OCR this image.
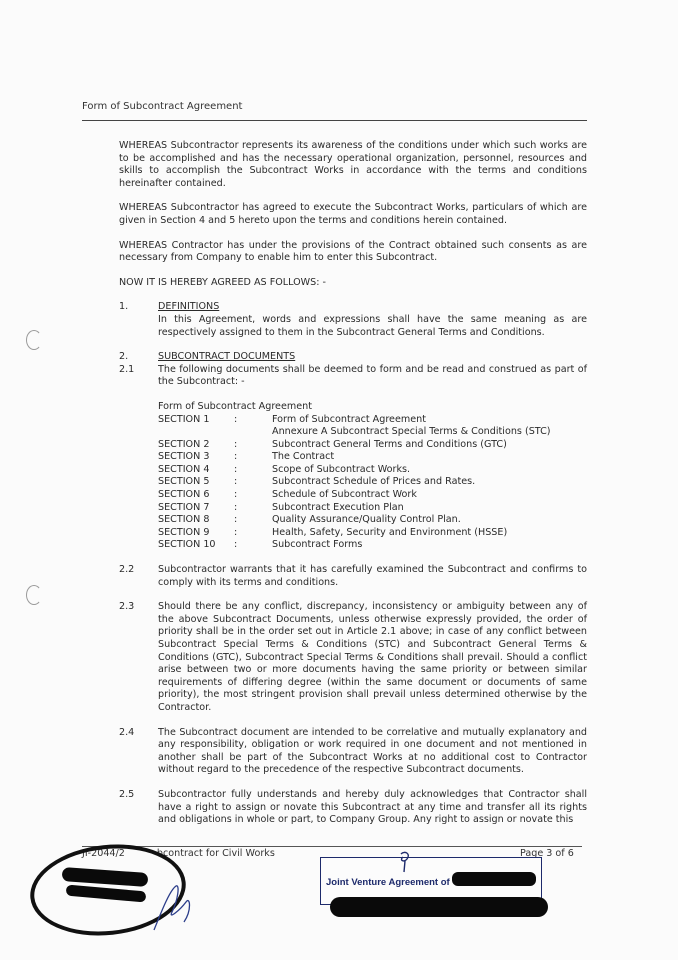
Form of Subcontract Agreement

WHEREAS Subcontractor represents its awareness of the conditions under which such works are to be accomplished and has the necessary operational organization, personnel, resources and skills to accomplish the Subcontract Works in accordance with the terms and conditions hereinafter contained.

WHEREAS Subcontractor has agreed to execute the Subcontract Works, particulars of which are given in Section 4 and 5 hereto upon the terms and conditions herein contained.

WHEREAS Contractor has under the provisions of the Contract obtained such consents as are necessary from Company to enable him to enter this Subcontract.

NOW IT IS HEREBY AGREED AS FOLLOWS: -

1.	DEFINITIONS

In this Agreement, words and expressions shall have the same meaning as are respectively assigned to them in the Subcontract General Terms and Conditions.

2.	SUBCONTRACT DOCUMENTS
2.1	The following documents shall be deemed to form and be read and construed as part of the Subcontract: -

Form of Subcontract Agreement
SECTION 1	:	Form of Subcontract Agreement
Annexure A Subcontract Special Terms & Conditions (STC)
SECTION 2	:	Subcontract General Terms and Conditions (GTC)
SECTION 3	:	The Contract
SECTION 4	:	Scope of Subcontract Works.
SECTION 5	:	Subcontract Schedule of Prices and Rates.
SECTION 6	:	Schedule of Subcontract Work
SECTION 7	:	Subcontract Execution Plan
SECTION 8	:	Quality Assurance/Quality Control Plan.
SECTION 9	:	Health, Safety, Security and Environment (HSSE)
SECTION 10	:	Subcontract Forms
2.2	Subcontractor warrants that it has carefully examined the Subcontract and confirms to comply with its terms and conditions.

2.3	Should there be any conflict, discrepancy, inconsistency or ambiguity between any of the above Subcontract Documents, unless otherwise expressly provided, the order of priority shall be in the order set out in Article 2.1 above; in case of any conflict between Subcontract Special Terms & Conditions (STC) and Subcontract General Terms & Conditions (GTC), Subcontract Special Terms & Conditions shall prevail. Should a conflict arise between two or more documents having the same priority or between similar requirements of differing degree (within the same document or documents of same priority), the most stringent provision shall prevail unless determined otherwise by the Contractor.

2.4	The Subcontract document are intended to be correlative and mutually explanatory and any responsibility, obligation or work required in one document and not mentioned in another shall be part of the Subcontract Works at no additional cost to Contractor without regard to the precedence of the respective Subcontract documents.

2.5	Subcontractor fully understands and hereby duly acknowledges that Contractor shall have a right to assign or novate this Subcontract at any time and transfer all its rights and obligations in whole or part, to Company Group. Any right to assign or novate this

JI-2044/2	bcontract for Civil Works	Page 3 of 6
Joint Venture Agreement of
